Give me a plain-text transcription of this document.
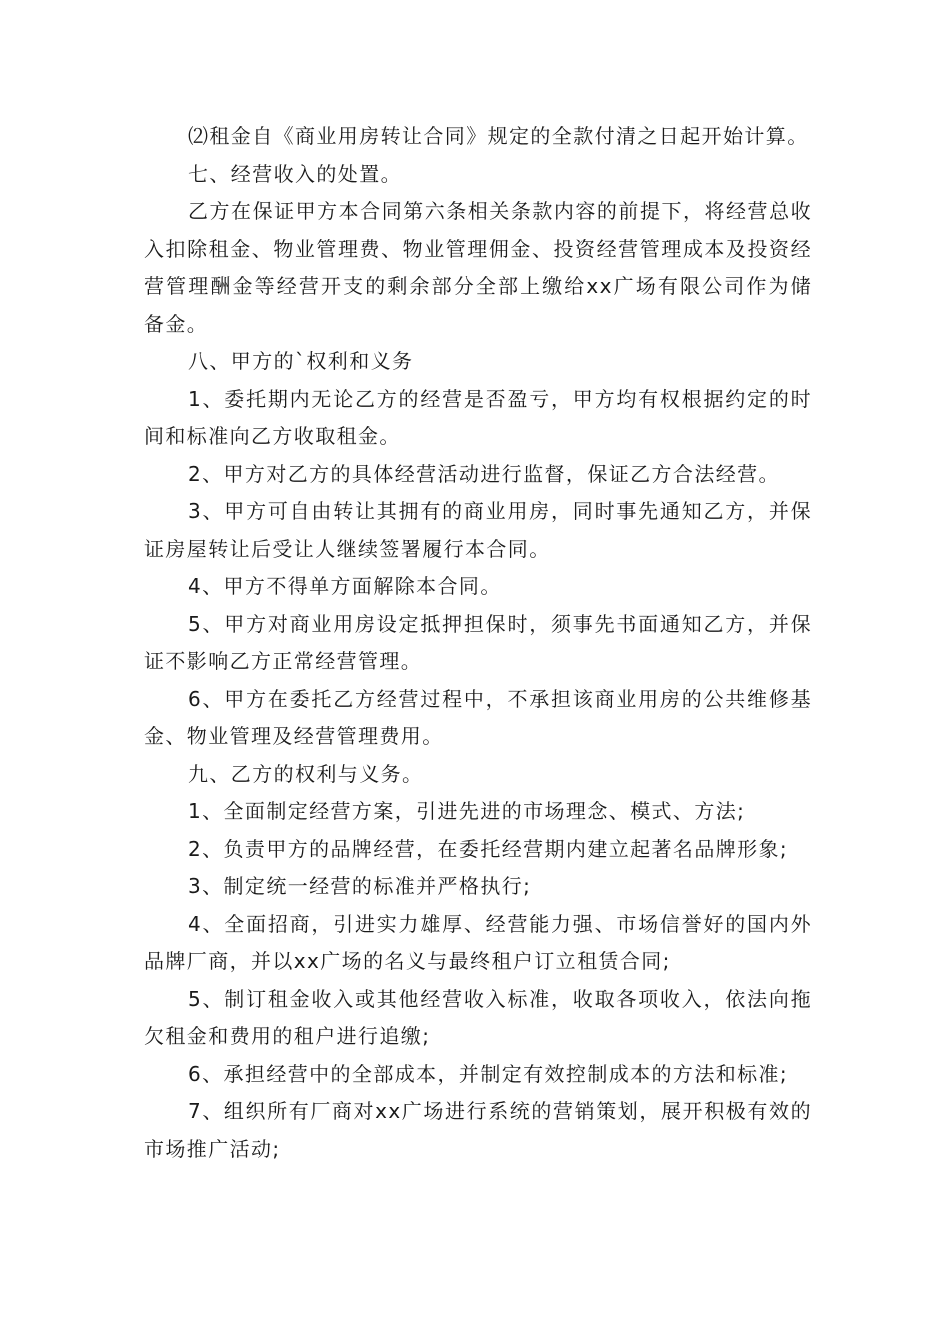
⑵租金自《商业用房转让合同》规定的全款付清之日起开始计算。

七、经营收入的处置。

乙方在保证甲方本合同第六条相关条款内容的前提下，将经营总收入扣除租金、物业管理费、物业管理佣金、投资经营管理成本及投资经营管理酬金等经营开支的剩余部分全部上缴给xx广场有限公司作为储备金。

八、甲方的`权利和义务

1、委托期内无论乙方的经营是否盈亏，甲方均有权根据约定的时间和标准向乙方收取租金。

2、甲方对乙方的具体经营活动进行监督，保证乙方合法经营。

3、甲方可自由转让其拥有的商业用房，同时事先通知乙方，并保证房屋转让后受让人继续签署履行本合同。

4、甲方不得单方面解除本合同。

5、甲方对商业用房设定抵押担保时，须事先书面通知乙方，并保证不影响乙方正常经营管理。

6、甲方在委托乙方经营过程中，不承担该商业用房的公共维修基金、物业管理及经营管理费用。

九、乙方的权利与义务。

1、全面制定经营方案，引进先进的市场理念、模式、方法;

2、负责甲方的品牌经营，在委托经营期内建立起著名品牌形象;

3、制定统一经营的标准并严格执行;

4、全面招商，引进实力雄厚、经营能力强、市场信誉好的国内外品牌厂商，并以xx广场的名义与最终租户订立租赁合同;

5、制订租金收入或其他经营收入标准，收取各项收入，依法向拖欠租金和费用的租户进行追缴;

6、承担经营中的全部成本，并制定有效控制成本的方法和标准;

7、组织所有厂商对xx广场进行系统的营销策划，展开积极有效的市场推广活动;
